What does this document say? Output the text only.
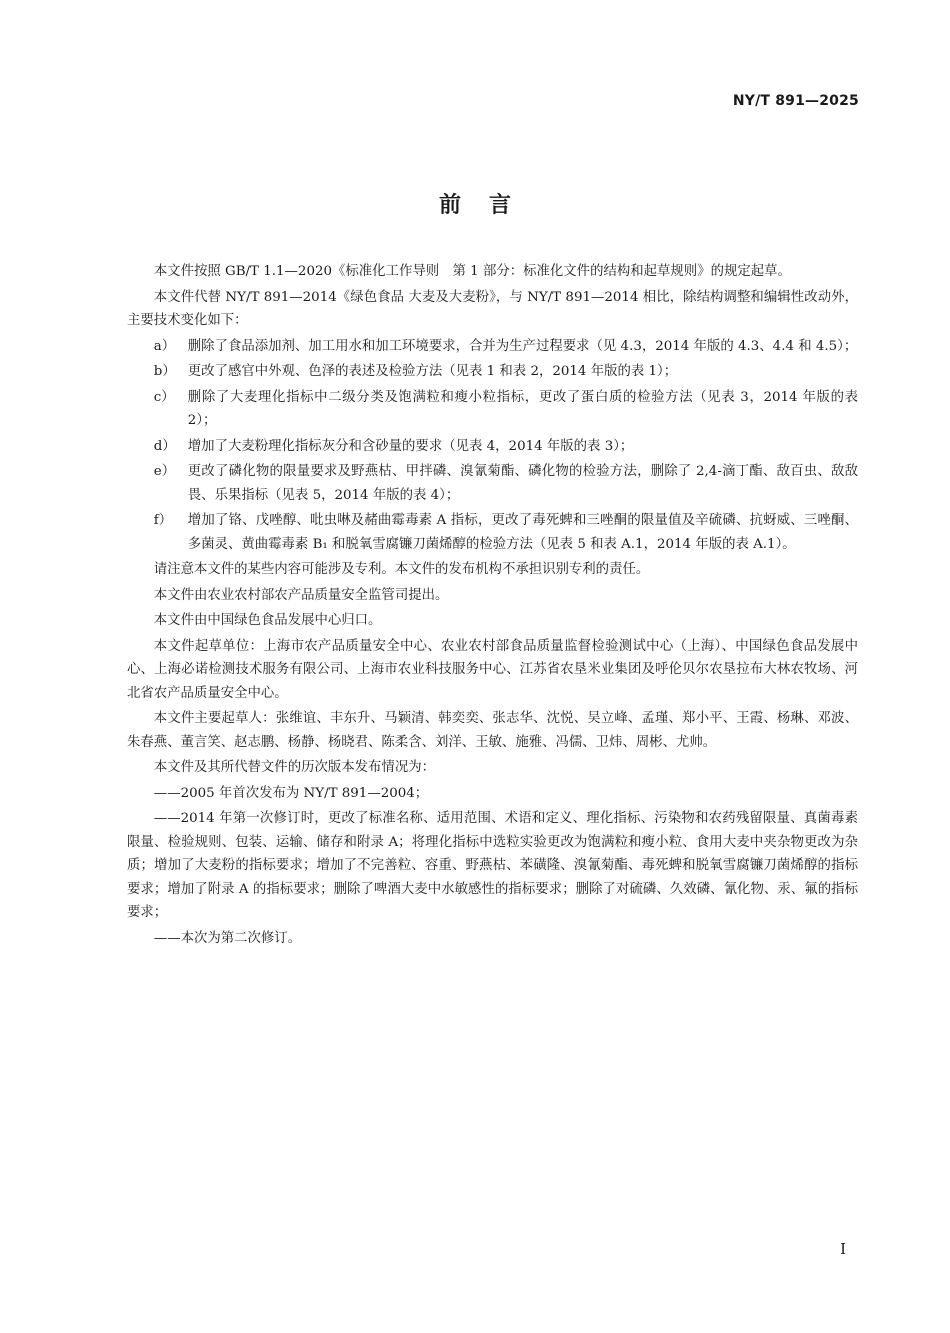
NY/T 891—2025
前言

本文件按照 GB/T 1.1—2020《标准化工作导则　第 1 部分：标准化文件的结构和起草规则》的规定起草。

本文件代替 NY/T 891—2014《绿色食品 大麦及大麦粉》，与 NY/T 891—2014 相比，除结构调整和编辑性改动外，主要技术变化如下：

a） 删除了食品添加剂、加工用水和加工环境要求，合并为生产过程要求（见 4.3，2014 年版的 4.3、4.4 和 4.5）；
b） 更改了感官中外观、色泽的表述及检验方法（见表 1 和表 2，2014 年版的表 1）；
c） 删除了大麦理化指标中二级分类及饱满粒和瘦小粒指标，更改了蛋白质的检验方法（见表 3，2014 年版的表 2）；
d） 增加了大麦粉理化指标灰分和含砂量的要求（见表 4，2014 年版的表 3）；
e） 更改了磷化物的限量要求及野燕枯、甲拌磷、溴氰菊酯、磷化物的检验方法，删除了 2,4-滴丁酯、敌百虫、敌敌畏、乐果指标（见表 5，2014 年版的表 4）；
f）	增加了铬、戊唑醇、吡虫啉及赭曲霉毒素 A 指标，更改了毒死蜱和三唑酮的限量值及辛硫磷、抗蚜威、三唑酮、多菌灵、黄曲霉毒素 B₁ 和脱氧雪腐镰刀菌烯醇的检验方法（见表 5 和表 A.1，2014 年版的表 A.1）。

请注意本文件的某些内容可能涉及专利。本文件的发布机构不承担识别专利的责任。

本文件由农业农村部农产品质量安全监管司提出。

本文件由中国绿色食品发展中心归口。

本文件起草单位：上海市农产品质量安全中心、农业农村部食品质量监督检验测试中心（上海）、中国绿色食品发展中心、上海必诺检测技术服务有限公司、上海市农业科技服务中心、江苏省农垦米业集团及呼伦贝尔农垦拉布大林农牧场、河北省农产品质量安全中心。

本文件主要起草人：张维谊、丰东升、马颖清、韩奕奕、张志华、沈悦、吴立峰、孟瑾、郑小平、王霞、杨琳、邓波、朱春燕、董言笑、赵志鹏、杨静、杨晓君、陈柔含、刘洋、王敏、施雅、冯儒、卫炜、周彬、尤帅。

本文件及其所代替文件的历次版本发布情况为：

——2005 年首次发布为 NY/T 891—2004；

——2014 年第一次修订时，更改了标准名称、适用范围、术语和定义、理化指标、污染物和农药残留限量、真菌毒素限量、检验规则、包装、运输、储存和附录 A；将理化指标中选粒实验更改为饱满粒和瘦小粒、食用大麦中夹杂物更改为杂质；增加了大麦粉的指标要求；增加了不完善粒、容重、野燕枯、苯磺隆、溴氰菊酯、毒死蜱和脱氧雪腐镰刀菌烯醇的指标要求；增加了附录 A 的指标要求；删除了啤酒大麦中水敏感性的指标要求；删除了对硫磷、久效磷、氰化物、汞、氟的指标要求；

——本次为第二次修订。

I
